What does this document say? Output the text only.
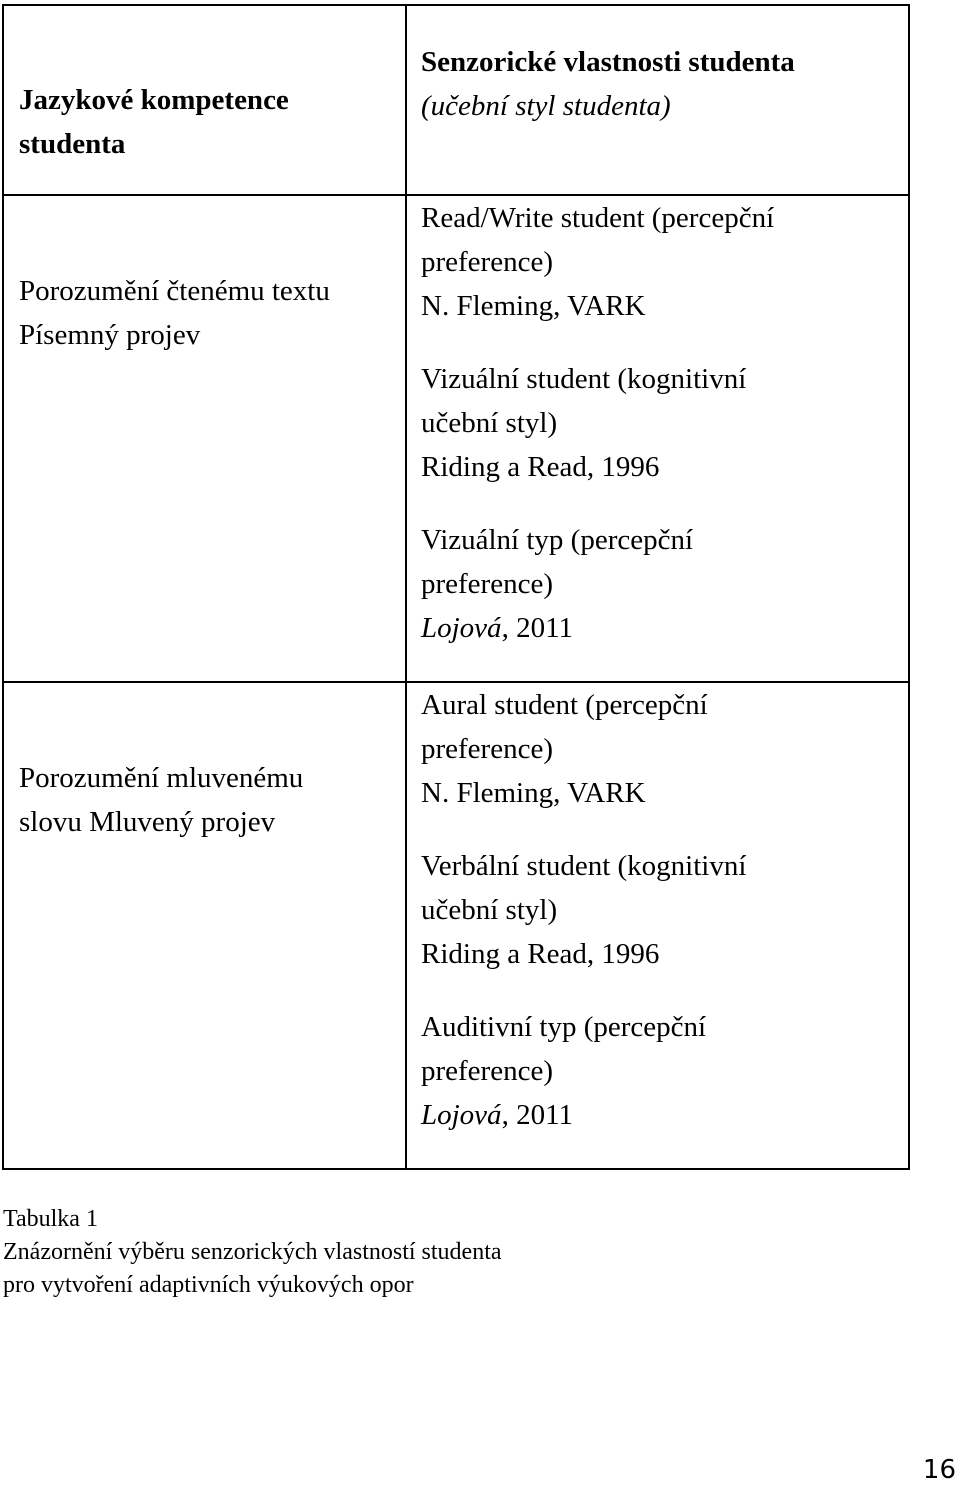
Jazykové kompetence
studenta
Senzorické vlastnosti studenta
(učební styl studenta)
Porozumění čtenému textu
Písemný projev
Read/Write student (percepční
preference)
N. Fleming, VARK
Vizuální student (kognitivní
učební styl)
Riding a Read, 1996
Vizuální typ (percepční
preference)
Lojová, 2011
Porozumění mluvenému
slovu Mluvený projev
Aural student (percepční
preference)
N. Fleming, VARK
Verbální student (kognitivní
učební styl)
Riding a Read, 1996
Auditivní typ (percepční
preference)
Lojová, 2011
Tabulka 1
Znázornění výběru senzorických vlastností studenta
pro vytvoření adaptivních výukových opor
16
